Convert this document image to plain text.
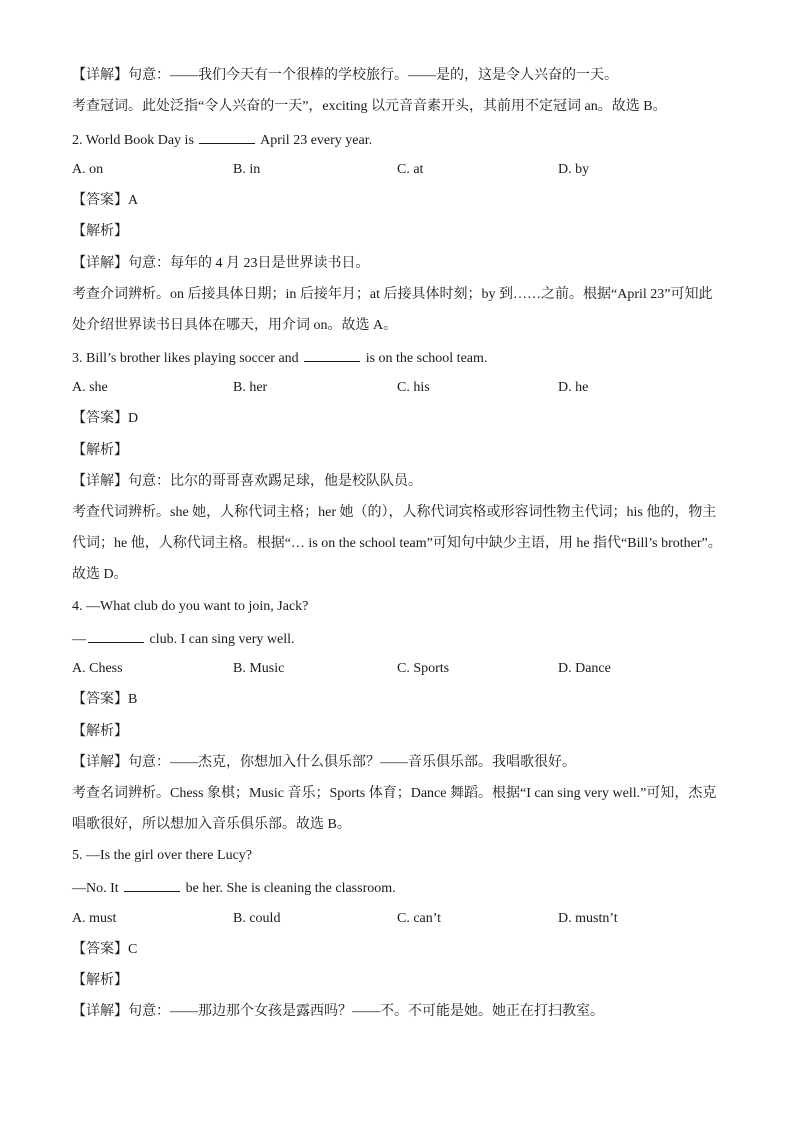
【详解】句意：——我们今天有一个很棒的学校旅行。——是的，这是令人兴奋的一天。
考查冠词。此处泛指“令人兴奋的一天”，exciting 以元音音素开头，其前用不定冠词 an。故选 B。
2. World Book Day is	April 23 every year.
A. on	B. in	C. at	D. by
【答案】A
【解析】
【详解】句意：每年的 4 月 23日是世界读书日。
考查介词辨析。on 后接具体日期；in 后接年月；at 后接具体时刻；by 到……之前。根据“April 23”可知此
处介绍世界读书日具体在哪天，用介词 on。故选 A。
3. Bill’s brother likes playing soccer and	is on the school team.
A. she	B. her	C. his	D. he
【答案】D
【解析】
【详解】句意：比尔的哥哥喜欢踢足球，他是校队队员。
考查代词辨析。she 她，人称代词主格；her 她（的），人称代词宾格或形容词性物主代词；his 他的，物主
代词；he 他，人称代词主格。根据“… is on the school team”可知句中缺少主语，用 he 指代“Bill’s brother”。
故选 D。
4. —What club do you want to join, Jack?
—	club. I can sing very well.
A. Chess	B. Music	C. Sports	D. Dance
【答案】B
【解析】
【详解】句意：——杰克，你想加入什么俱乐部？——音乐俱乐部。我唱歌很好。
考查名词辨析。Chess 象棋；Music 音乐；Sports 体育；Dance 舞蹈。根据“I can sing very well.”可知，杰克
唱歌很好，所以想加入音乐俱乐部。故选 B。
5. —Is the girl over there Lucy?
—No. It	be her. She is cleaning the classroom.
A. must	B. could	C. can’t	D. mustn’t
【答案】C
【解析】
【详解】句意：——那边那个女孩是露西吗？——不。不可能是她。她正在打扫教室。
